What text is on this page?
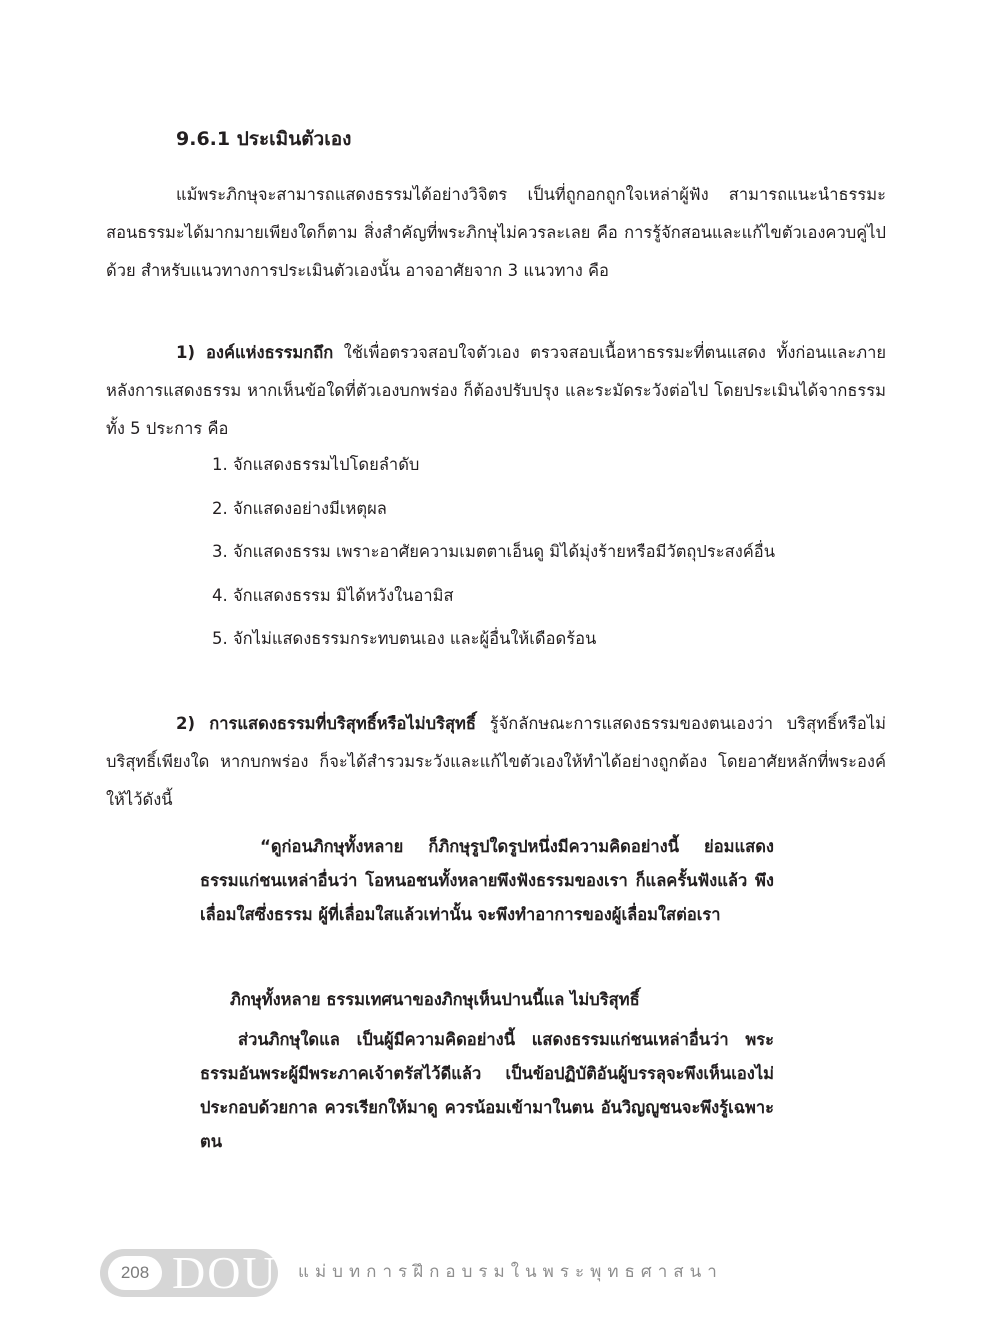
9.6.1 ประเมินตัวเอง

แม้พระภิกษุจะสามารถแสดงธรรมได้อย่างวิจิตร เป็นที่ถูกอกถูกใจเหล่าผู้ฟัง สามารถแนะนำธรรมะสอนธรรมะได้มากมายเพียงใดก็ตาม สิ่งสำคัญที่พระภิกษุไม่ควรละเลย คือ การรู้จักสอนและแก้ไขตัวเองควบคู่ไปด้วย สำหรับแนวทางการประเมินตัวเองนั้น อาจอาศัยจาก 3 แนวทาง คือ

1) องค์แห่งธรรมกถึก ใช้เพื่อตรวจสอบใจตัวเอง ตรวจสอบเนื้อหาธรรมะที่ตนแสดง ทั้งก่อนและภายหลังการแสดงธรรม หากเห็นข้อใดที่ตัวเองบกพร่อง ก็ต้องปรับปรุง และระมัดระวังต่อไป โดยประเมินได้จากธรรมทั้ง 5 ประการ คือ

1. จักแสดงธรรมไปโดยลำดับ
2. จักแสดงอย่างมีเหตุผล
3. จักแสดงธรรม เพราะอาศัยความเมตตาเอ็นดู มิได้มุ่งร้ายหรือมีวัตถุประสงค์อื่น
4. จักแสดงธรรม มิได้หวังในอามิส
5. จักไม่แสดงธรรมกระทบตนเอง และผู้อื่นให้เดือดร้อน

2) การแสดงธรรมที่บริสุทธิ์หรือไม่บริสุทธิ์ รู้จักลักษณะการแสดงธรรมของตนเองว่า บริสุทธิ์หรือไม่บริสุทธิ์เพียงใด หากบกพร่อง ก็จะได้สำรวมระวังและแก้ไขตัวเองให้ทำได้อย่างถูกต้อง โดยอาศัยหลักที่พระองค์ให้ไว้ดังนี้

“ดูก่อนภิกษุทั้งหลาย ก็ภิกษุรูปใดรูปหนึ่งมีความคิดอย่างนี้ ย่อมแสดงธรรมแก่ชนเหล่าอื่นว่า โอหนอชนทั้งหลายพึงฟังธรรมของเรา ก็แลครั้นฟังแล้ว พึงเลื่อมใสซึ่งธรรม ผู้ที่เลื่อมใสแล้วเท่านั้น จะพึงทำอาการของผู้เลื่อมใสต่อเรา

ภิกษุทั้งหลาย ธรรมเทศนาของภิกษุเห็นปานนี้แล ไม่บริสุทธิ์

ส่วนภิกษุใดแล เป็นผู้มีความคิดอย่างนี้ แสดงธรรมแก่ชนเหล่าอื่นว่า พระธรรมอันพระผู้มีพระภาคเจ้าตรัสไว้ดีแล้ว เป็นข้อปฏิบัติอันผู้บรรลุจะพึงเห็นเองไม่ประกอบด้วยกาล ควรเรียกให้มาดู ควรน้อมเข้ามาในตน อันวิญญูชนจะพึงรู้เฉพาะตน

208 DOU แม่บทการฝึกอบรมในพระพุทธศาสนา
